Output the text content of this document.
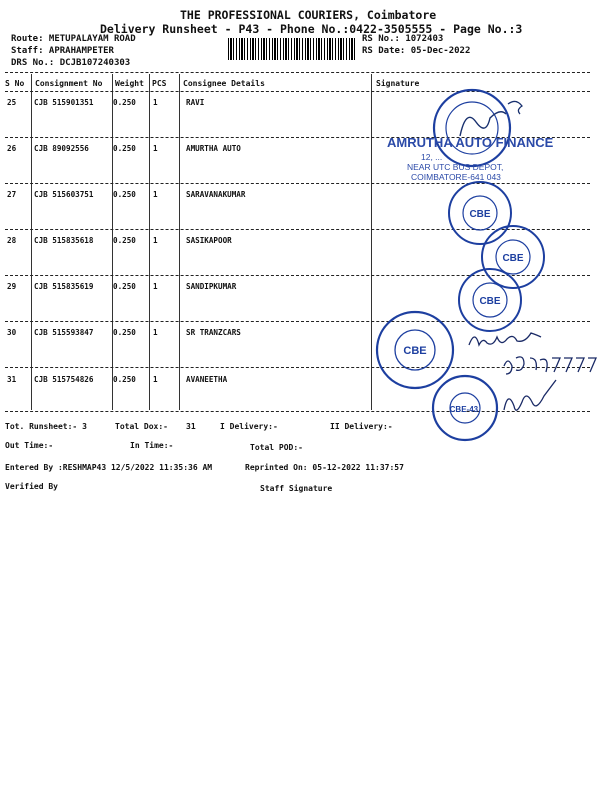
THE PROFESSIONAL COURIERS, Coimbatore
Delivery Runsheet - P43 - Phone No.:0422-3505555 - Page No.:3
Route: METUPALAYAM ROAD
Staff: APRAHAMPETER
DRS No.: DCJB107240303
RS No.: 1072403
RS Date: 05-Dec-2022
S No Consignment No Weight PCS Consignee Details	Signature
25 CJB 515901351	0.250 1	RAVI
26 CJB 89092556	0.250 1	AMURTHA AUTO
27 CJB 515603751	0.250 1	SARAVANAKUMAR
28 CJB 515835618	0.250 1	SASIKAPOOR
29 CJB 515835619	0.250 1	SANDIPKUMAR
30 CJB 515593847	0.250 1	SR TRANZCARS
31 CJB 515754826	0.250 1	AVANEETHA
Tot. Runsheet:- 3	Total Dox:- 31	I Delivery:-	II Delivery:-
Out Time:-	In Time:-	Total POD:-
Entered By :RESHMAP43 12/5/2022 11:35:36 AM	Reprinted On: 05-12-2022 11:37:57
Verified By	Staff Signature
AMRUTHA AUTO FINANCE
12, ...
NEAR UTC BUS DEPOT,
COIMBATORE-641 043
CBE
CBE
CBE
CBE
CBE-43.
